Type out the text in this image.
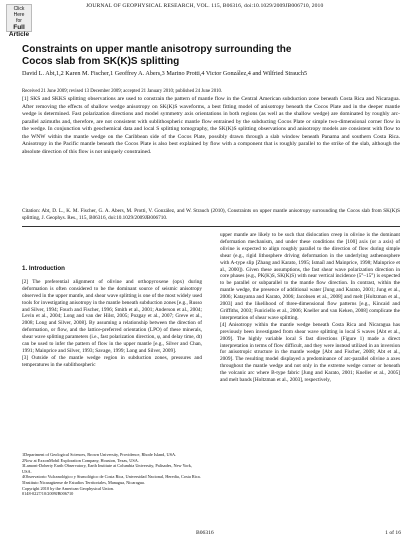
Click
Here
for
Full
Article
JOURNAL OF GEOPHYSICAL RESEARCH, VOL. 115, B06316, doi:10.1029/2009JB006710, 2010
Constraints on upper mantle anisotropy surrounding the Cocos slab from SK(K)S splitting
David L. Abt,1,2 Karen M. Fischer,1 Geoffrey A. Abers,3 Marino Protti,4 Victor González,4 and Wilfried Strauch5
Received 21 June 2009; revised 13 December 2009; accepted 21 January 2010; published 24 June 2010.

[1] SKS and SKKS splitting observations are used to constrain the pattern of mantle flow in the Central American subduction zone beneath Costa Rica and Nicaragua. After removing the effects of shallow wedge anisotropy on SK(K)S waveforms, a best fitting model of anisotropy beneath the Cocos Plate and in the deeper mantle wedge is determined. Fast polarization directions and model symmetry axis orientations in both regions (as well as the shallow wedge) are dominated by roughly arc-parallel azimuths and, therefore, are not consistent with sublithospheric mantle flow entrained by the subducting Cocos Plate or simple two-dimensional corner flow in the wedge. In conjunction with geochemical data and local S splitting tomography, the SK(K)S splitting observations and anisotropy models are consistent with flow to the WNW within the mantle wedge on the Caribbean side of the Cocos Plate, possibly drawn through a slab window beneath Panama and southern Costa Rica. Anisotropy in the Pacific mantle beneath the Cocos Plate is also best explained by flow with a component that is roughly parallel to the strike of the slab, although the absolute direction of this flow is not uniquely constrained.

Citation: Abt, D. L., K. M. Fischer, G. A. Abers, M. Protti, V. González, and W. Strauch (2010), Constraints on upper mantle anisotropy surrounding the Cocos slab from SK(K)S splitting, J. Geophys. Res., 115, B06316, doi:10.1029/2009JB006710.

1. Introduction

[2] The preferential alignment of olivine and orthopyroxene (opx) during deformation is often considered to be the dominant source of seismic anisotropy observed in the upper mantle, and shear wave splitting is one of the most widely used tools for investigating anisotropy in the mantle beneath subduction zones [e.g., Russo and Silver, 1994; Fouch and Fischer, 1996; Smith et al., 2001; Anderson et al., 2004; Levin et al., 2004; Long and van der Hilst, 2005; Pozgay et al., 2007; Greve et al., 2008; Long and Silver, 2008]. By assuming a relationship between the direction of deformation, or flow, and the lattice-preferred orientation (LPO) of these minerals, shear wave splitting parameters (i.e., fast polarization direction, φ, and delay time, dt) can be used to infer the pattern of flow in the upper mantle [e.g., Silver and Chan, 1991; Mainprice and Silver, 1993; Savage, 1999; Long and Silver, 2009].

[3] Outside of the mantle wedge region in subduction zones, pressures and temperatures in the sublithospheric

1Department of Geological Sciences, Brown University, Providence, Rhode Island, USA.
2Now at ExxonMobil Exploration Company, Houston, Texas, USA.
3Lamont-Doherty Earth Observatory, Earth Institute at Columbia University, Palisades, New York, USA.
4Observatorio Vulcanológico y Sismológico de Costa Rica, Universidad Nacional, Heredia, Costa Rica.
5Instituto Nicaragüense de Estudios Territoriales, Managua, Nicaragua.
Copyright 2010 by the American Geophysical Union.
0148-0227/10/2009JB006710

upper mantle are likely to be such that dislocation creep in olivine is the dominant deformation mechanism, and under these conditions the [100] axis (or a axis) of olivine is expected to align roughly parallel to the direction of flow during simple shear (e.g., rigid lithosphere driving deformation in the underlying asthenosphere with A-type slip [Zhang and Karato, 1995; Ismaïl and Mainprice, 1998; Mainprice et al., 2000]). Given these assumptions, the fast shear wave polarization direction in core phases (e.g., PK(K)S, SK(K)S) with near vertical incidence (5°–15°) is expected to be parallel or subparallel to the mantle flow direction. In contrast, within the mantle wedge, the presence of additional water [Jung and Karato, 2001; Jung et al., 2006; Katayama and Karato, 2006; Jacobsen et al., 2008] and melt [Holtzman et al., 2003] and the likelihood of three-dimensional flow patterns [e.g., Kincaid and Griffiths, 2003; Funiciello et al., 2006; Kneller and van Keken, 2008] complicate the interpretation of shear wave splitting.

[4] Anisotropy within the mantle wedge beneath Costa Rica and Nicaragua has previously been investigated from shear wave splitting in local S waves [Abt et al., 2009]. The highly variable local S fast directions (Figure 1) made a direct interpretation in terms of flow difficult, and they were instead utilized in an inversion for anisotropic structure in the mantle wedge [Abt and Fischer, 2008; Abt et al., 2009]. The resulting model displayed a predominance of arc-parallel olivine a axes throughout the mantle wedge and not only in the extreme wedge corner or beneath the volcanic arc where B-type fabric [Jung and Karato, 2001; Kneller et al., 2005] and melt bands [Holtzman et al., 2003], respectively,

B06316	1 of 16
